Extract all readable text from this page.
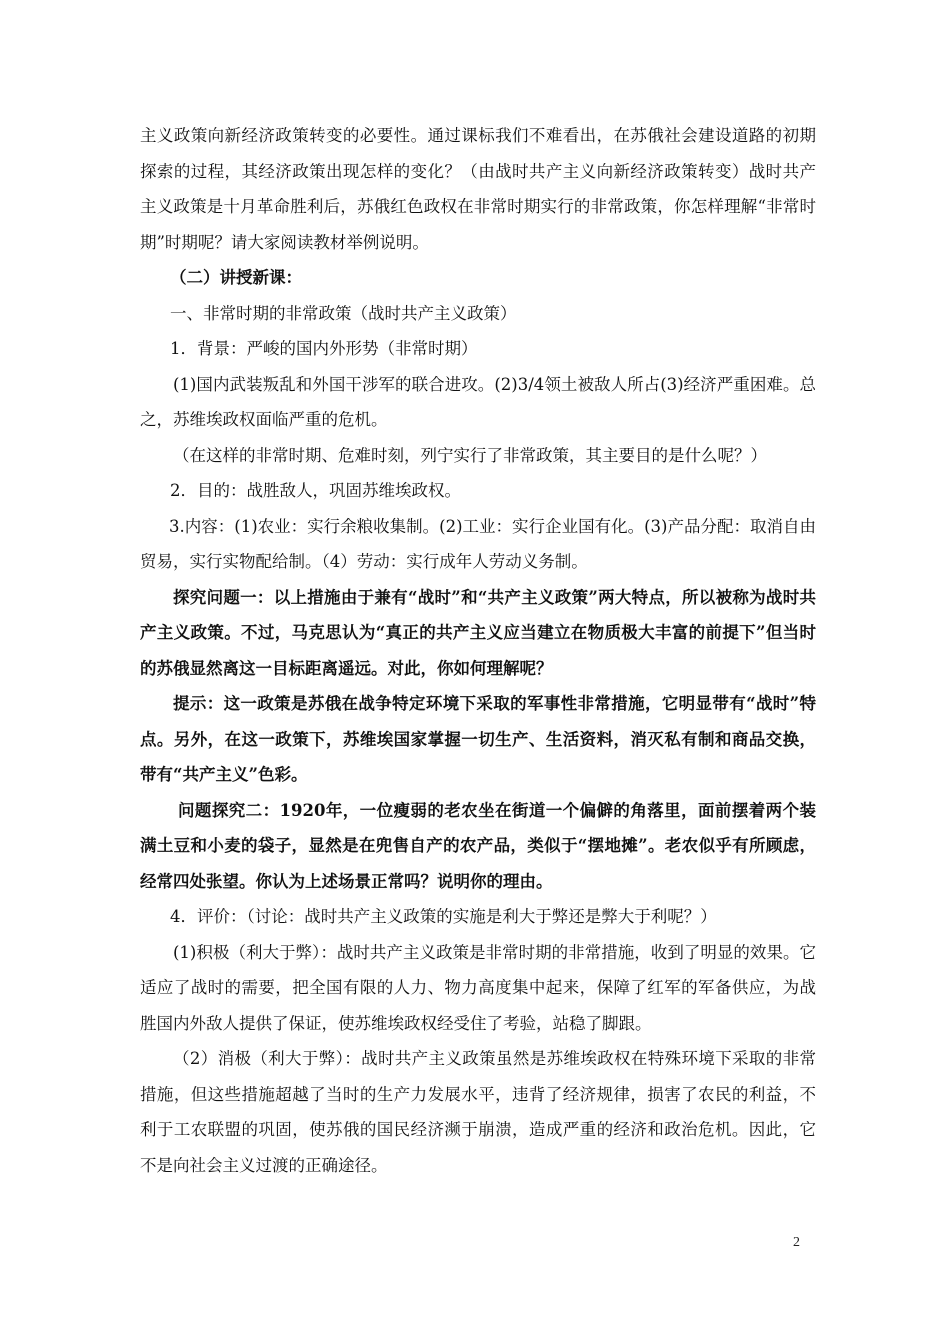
主义政策向新经济政策转变的必要性。通过课标我们不难看出，在苏俄社会建设道路的初期探索的过程，其经济政策出现怎样的变化？（由战时共产主义向新经济政策转变）战时共产主义政策是十月革命胜利后，苏俄红色政权在非常时期实行的非常政策，你怎样理解“非常时期”时期呢？请大家阅读教材举例说明。

（二）讲授新课：

一、非常时期的非常政策（战时共产主义政策）

1．背景：严峻的国内外形势（非常时期）

(1)国内武装叛乱和外国干涉军的联合进攻。(2)3/4领土被敌人所占(3)经济严重困难。总之，苏维埃政权面临严重的危机。

（在这样的非常时期、危难时刻，列宁实行了非常政策，其主要目的是什么呢？）

2．目的：战胜敌人，巩固苏维埃政权。

3.内容：(1)农业：实行余粮收集制。(2)工业：实行企业国有化。(3)产品分配：取消自由贸易，实行实物配给制。（4）劳动：实行成年人劳动义务制。

探究问题一：以上措施由于兼有“战时”和“共产主义政策”两大特点，所以被称为战时共产主义政策。不过，马克思认为“真正的共产主义应当建立在物质极大丰富的前提下”但当时的苏俄显然离这一目标距离遥远。对此，你如何理解呢？

提示：这一政策是苏俄在战争特定环境下采取的军事性非常措施，它明显带有“战时”特点。另外，在这一政策下，苏维埃国家掌握一切生产、生活资料，消灭私有制和商品交换，带有“共产主义”色彩。

问题探究二：1920年，一位瘦弱的老农坐在街道一个偏僻的角落里，面前摆着两个装满土豆和小麦的袋子，显然是在兜售自产的农产品，类似于“摆地摊”。老农似乎有所顾虑，经常四处张望。你认为上述场景正常吗？说明你的理由。

4．评价：（讨论：战时共产主义政策的实施是利大于弊还是弊大于利呢？）

(1)积极（利大于弊）：战时共产主义政策是非常时期的非常措施，收到了明显的效果。它适应了战时的需要，把全国有限的人力、物力高度集中起来，保障了红军的军备供应，为战胜国内外敌人提供了保证，使苏维埃政权经受住了考验，站稳了脚跟。

（2）消极（利大于弊）：战时共产主义政策虽然是苏维埃政权在特殊环境下采取的非常措施，但这些措施超越了当时的生产力发展水平，违背了经济规律，损害了农民的利益，不利于工农联盟的巩固，使苏俄的国民经济濒于崩溃，造成严重的经济和政治危机。因此，它不是向社会主义过渡的正确途径。

2
